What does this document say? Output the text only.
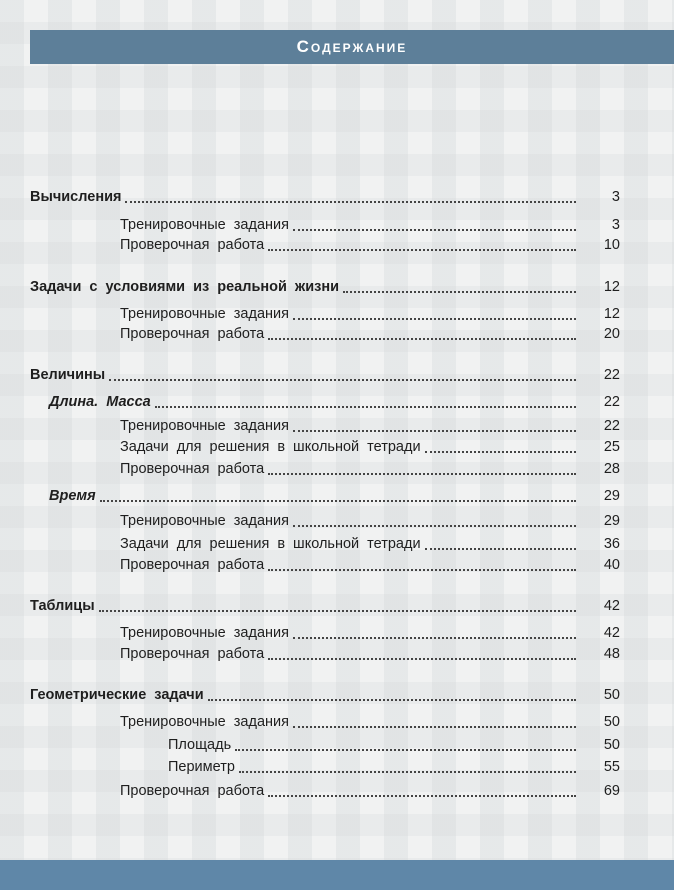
Содержание
Вычисления	3
Тренировочные задания	3
Проверочная работа	10
Задачи с условиями из реальной жизни	12
Тренировочные задания	12
Проверочная работа	20
Величины	22
Длина. Масса	22
Тренировочные задания	22
Задачи для решения в школьной тетради	25
Проверочная работа	28
Время	29
Тренировочные задания	29
Задачи для решения в школьной тетради	36
Проверочная работа	40
Таблицы	42
Тренировочные задания	42
Проверочная работа	48
Геометрические задачи	50
Тренировочные задания	50
Площадь	50
Периметр	55
Проверочная работа	69
